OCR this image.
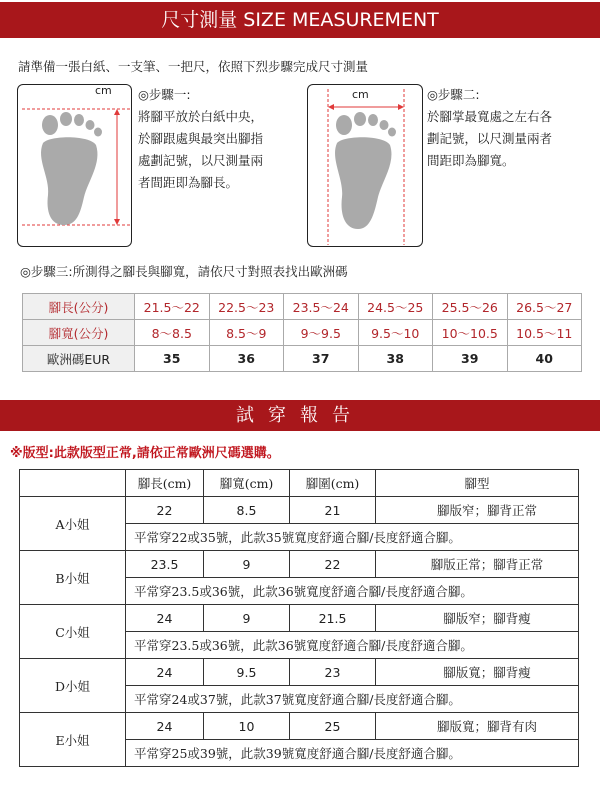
尺寸測量 SIZE MEASUREMENT
請準備一張白紙、一支筆、一把尺，依照下烈步驟完成尺寸測量
cm ◎步驟一:
將腳平放於白紙中央，
於腳跟處與最突出腳指
處劃記號，以尺測量兩
者間距即為腳長。
cm	◎步驟二:
於腳掌最寬處之左右各
劃記號，以尺測量兩者
間距即為腳寬。
◎步驟三:所測得之腳長與腳寬，請依尺寸對照表找出歐洲碼
腳長(公分)	21.5～22	22.5～23	23.5～24	24.5～25	25.5～26	26.5～27
腳寬(公分)	8～8.5	8.5～9	9～9.5	9.5～10	10～10.5	10.5～11
歐洲碼EUR	35	36	37	38	39	40
試穿報告
※版型:此款版型正常,請依正常歐洲尺碼選購。
	腳長(cm)	腳寬(cm)	腳圍(cm)	腳型
A小姐	22	8.5	21	腳版窄；腳背正常
	平常穿22或35號，此款35號寬度舒適合腳/長度舒適合腳。			
B小姐	23.5	9	22	腳版正常；腳背正常
	平常穿23.5或36號，此款36號寬度舒適合腳/長度舒適合腳。			
C小姐	24	9	21.5	腳版窄；腳背瘦
	平常穿23.5或36號，此款36號寬度舒適合腳/長度舒適合腳。			
D小姐	24	9.5	23	腳版寬；腳背瘦
	平常穿24或37號，此款37號寬度舒適合腳/長度舒適合腳。			
E小姐	24	10	25	腳版寬；腳背有肉
	平常穿25或39號，此款39號寬度舒適合腳/長度舒適合腳。			
